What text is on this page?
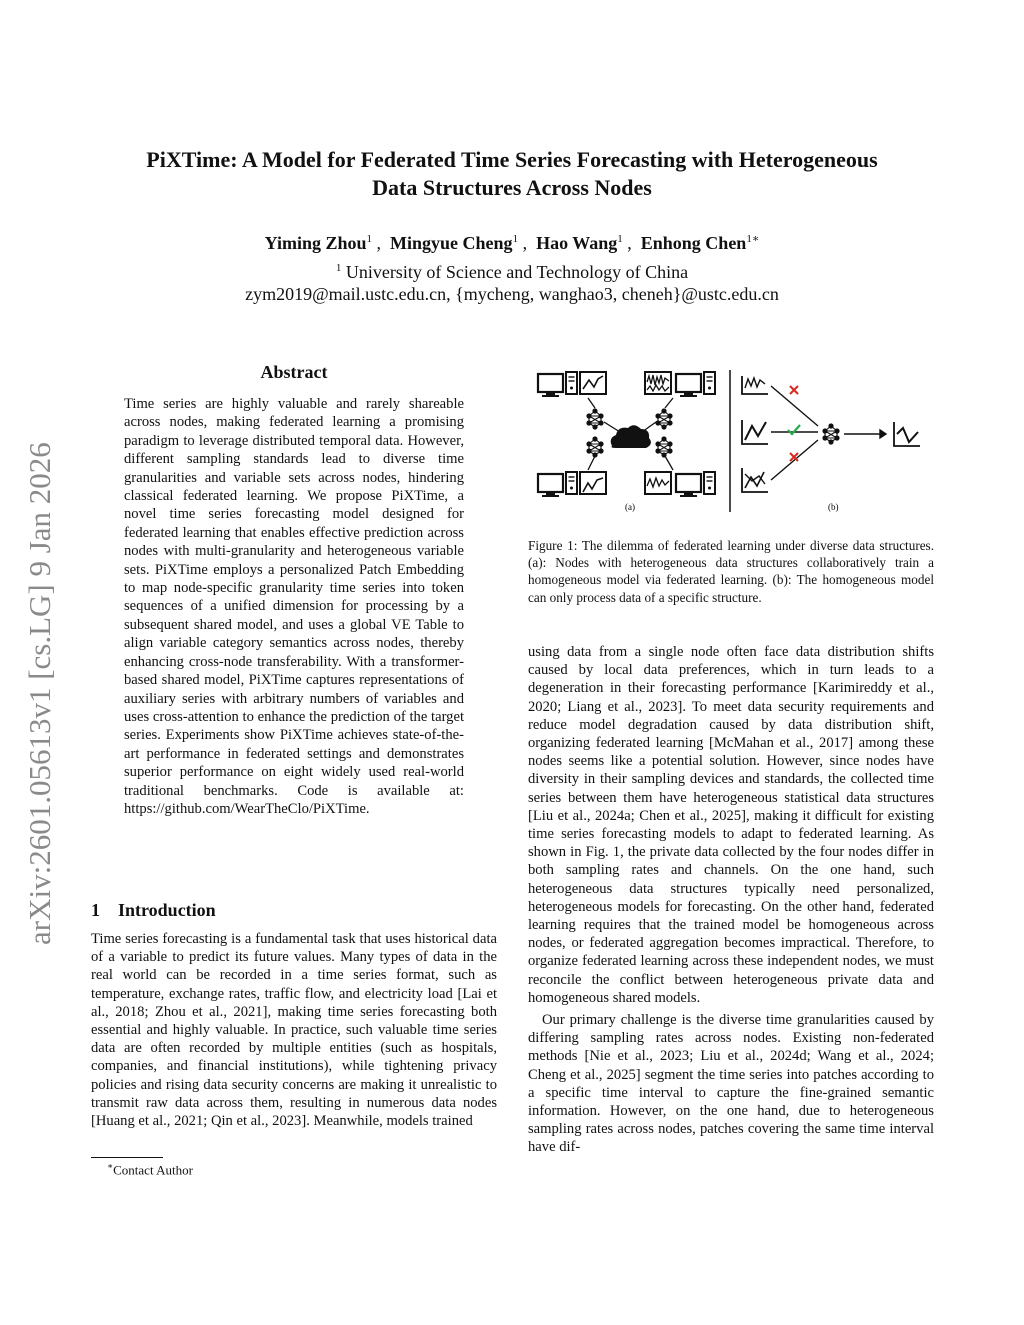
arXiv:2601.05613v1 [cs.LG] 9 Jan 2026
PiXTime: A Model for Federated Time Series Forecasting with Heterogeneous
Data Structures Across Nodes
Yiming Zhou$^1$ ,  Mingyue Cheng$^1$ ,  Hao Wang$^1$ ,  Enhong Chen$^{1∗}$
$^1$ University of Science and Technology of China
zym2019@mail.ustc.edu.cn, {mycheng, wanghao3, cheneh}@ustc.edu.cn
Abstract

Time series are highly valuable and rarely shareable across nodes, making federated learning a promising paradigm to leverage distributed temporal data. However, different sampling standards lead to diverse time granularities and variable sets across nodes, hindering classical federated learning. We propose PiXTime, a novel time series forecasting model designed for federated learning that enables effective prediction across nodes with multi-granularity and heterogeneous variable sets. PiXTime employs a personalized Patch Embedding to map node-specific granularity time series into token sequences of a unified dimension for processing by a subsequent shared model, and uses a global VE Table to align variable category semantics across nodes, thereby enhancing cross-node transferability. With a transformer-based shared model, PiXTime captures representations of auxiliary series with arbitrary numbers of variables and uses cross-attention to enhance the prediction of the target series. Experiments show PiXTime achieves state-of-the-art performance in federated settings and demonstrates superior performance on eight widely used real-world traditional benchmarks. Code is available at: https://github.com/WearTheClo/PiXTime.

1 Introduction

Time series forecasting is a fundamental task that uses historical data of a variable to predict its future values. Many types of data in the real world can be recorded in a time series format, such as temperature, exchange rates, traffic flow, and electricity load [Lai et al., 2018; Zhou et al., 2021], making time series forecasting both essential and highly valuable. In practice, such valuable time series data are often recorded by multiple entities (such as hospitals, companies, and financial institutions), while tightening privacy policies and rising data security concerns are making it unrealistic to transmit raw data across them, resulting in numerous data nodes [Huang et al., 2021; Qin et al., 2023]. Meanwhile, models trained

∗Contact Author
(a)	(b)
Figure 1: The dilemma of federated learning under diverse data structures. (a): Nodes with heterogeneous data structures collaboratively train a homogeneous model via federated learning. (b): The homogeneous model can only process data of a specific structure.

using data from a single node often face data distribution shifts caused by local data preferences, which in turn leads to a degeneration in their forecasting performance [Karimireddy et al., 2020; Liang et al., 2023]. To meet data security requirements and reduce model degradation caused by data distribution shift, organizing federated learning [McMahan et al., 2017] among these nodes seems like a potential solution. However, since nodes have diversity in their sampling devices and standards, the collected time series between them have heterogeneous statistical data structures [Liu et al., 2024a; Chen et al., 2025], making it difficult for existing time series forecasting models to adapt to federated learning. As shown in Fig. 1, the private data collected by the four nodes differ in both sampling rates and channels. On the one hand, such heterogeneous data structures typically need personalized, heterogeneous models for forecasting. On the other hand, federated learning requires that the trained model be homogeneous across nodes, or federated aggregation becomes impractical. Therefore, to organize federated learning across these independent nodes, we must reconcile the conflict between heterogeneous private data and homogeneous shared models.

Our primary challenge is the diverse time granularities caused by differing sampling rates across nodes. Existing non-federated methods [Nie et al., 2023; Liu et al., 2024d; Wang et al., 2024; Cheng et al., 2025] segment the time series into patches according to a specific time interval to capture the fine-grained semantic information. However, on the one hand, due to heterogeneous sampling rates across nodes, patches covering the same time interval have dif-
